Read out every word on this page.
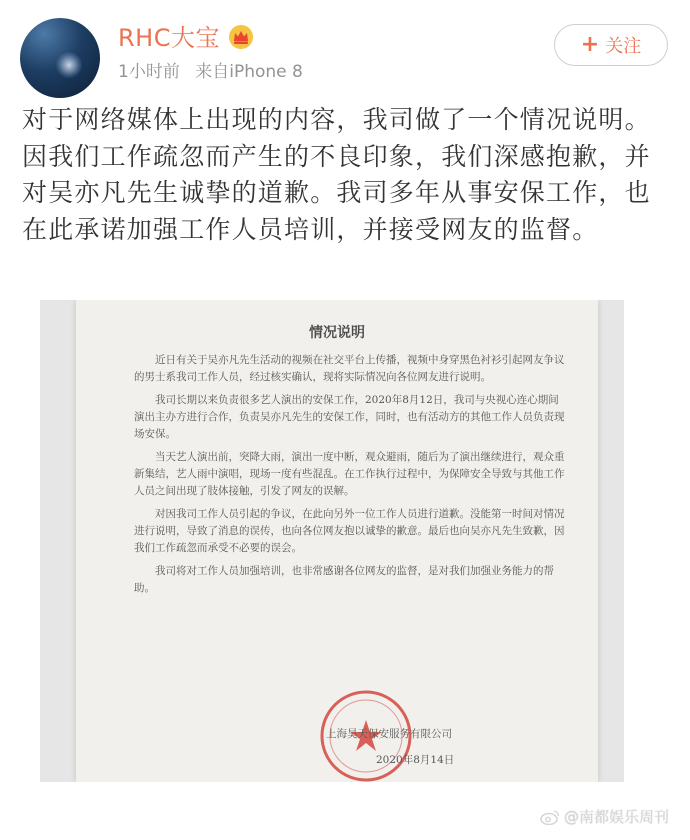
RHC大宝
1小时前 来自iPhone 8
+ 关注
对于网络媒体上出现的内容，我司做了一个情况说明。因我们工作疏忽而产生的不良印象，我们深感抱歉，并对吴亦凡先生诚挚的道歉。我司多年从事安保工作，也在此承诺加强工作人员培训，并接受网友的监督。
情况说明

近日有关于吴亦凡先生活动的视频在社交平台上传播，视频中身穿黑色衬衫引起网友争议的男士系我司工作人员，经过核实确认，现将实际情况向各位网友进行说明。

我司长期以来负责很多艺人演出的安保工作，2020年8月12日，我司与央视心连心期间演出主办方进行合作，负责吴亦凡先生的安保工作，同时，也有活动方的其他工作人员负责现场安保。

当天艺人演出前，突降大雨，演出一度中断，观众避雨，随后为了演出继续进行，观众重新集结，艺人雨中演唱，现场一度有些混乱。在工作执行过程中，为保障安全导致与其他工作人员之间出现了肢体接触，引发了网友的误解。

对因我司工作人员引起的争议，在此向另外一位工作人员进行道歉。没能第一时间对情况进行说明，导致了消息的误传，也向各位网友抱以诚挚的歉意。最后也向吴亦凡先生致歉，因我们工作疏忽而承受不必要的误会。

我司将对工作人员加强培训，也非常感谢各位网友的监督，是对我们加强业务能力的帮助。

上海昊天保安服务有限公司
2020年8月14日
@南都娱乐周刊
